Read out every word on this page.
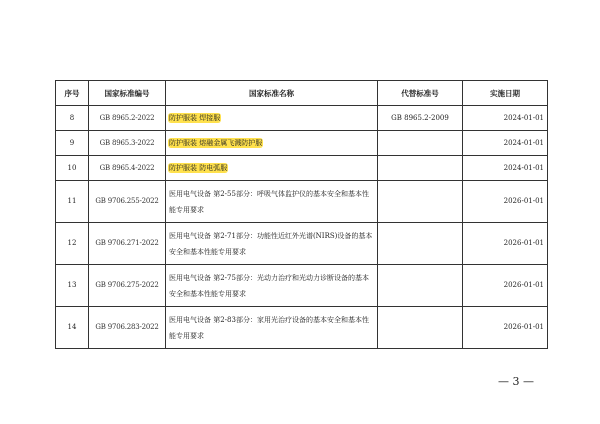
序号	国家标准编号	国家标准名称	代替标准号	实施日期
8	GB 8965.2-2022	防护服装 焊接服	GB 8965.2-2009	2024-01-01
9	GB 8965.3-2022	防护服装 熔融金属飞溅防护服		2024-01-01
10	GB 8965.4-2022	防护服装 防电弧服		2024-01-01
11	GB 9706.255-2022	医用电气设备 第2-55部分：呼吸气体监护仪的基本安全和基本性能专用要求		2026-01-01
12	GB 9706.271-2022	医用电气设备 第2-71部分：功能性近红外光谱(NIRS)设备的基本安全和基本性能专用要求		2026-01-01
13	GB 9706.275-2022	医用电气设备 第2-75部分：光动力治疗和光动力诊断设备的基本安全和基本性能专用要求		2026-01-01
14	GB 9706.283-2022	医用电气设备 第2-83部分：家用光治疗设备的基本安全和基本性能专用要求		2026-01-01
— 3 —
